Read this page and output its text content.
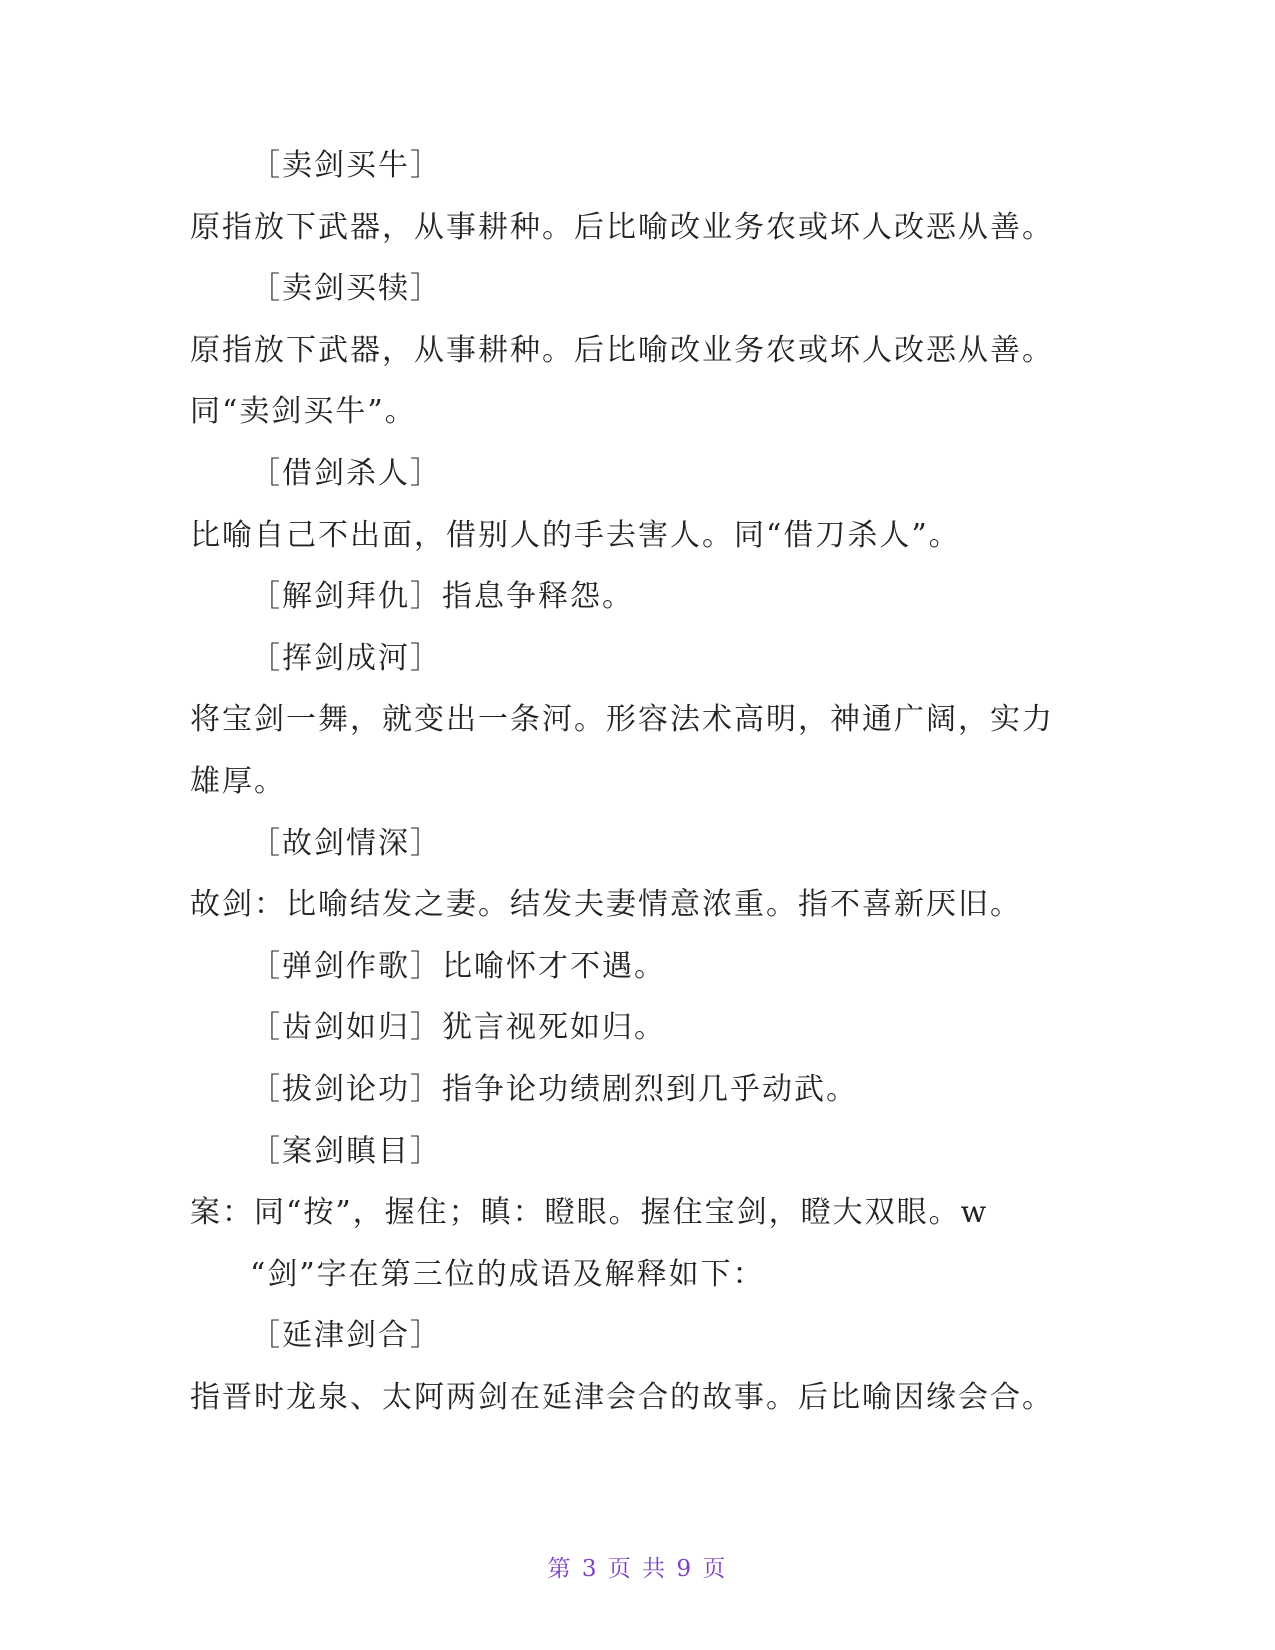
［卖剑买牛］
原指放下武器，从事耕种。后比喻改业务农或坏人改恶从善。
［卖剑买犊］
原指放下武器，从事耕种。后比喻改业务农或坏人改恶从善。
同“卖剑买牛”。
［借剑杀人］
比喻自己不出面，借别人的手去害人。同“借刀杀人”。
［解剑拜仇］指息争释怨。
［挥剑成河］
将宝剑一舞，就变出一条河。形容法术高明，神通广阔，实力
雄厚。
［故剑情深］
故剑：比喻结发之妻。结发夫妻情意浓重。指不喜新厌旧。
［弹剑作歌］比喻怀才不遇。
［齿剑如归］犹言视死如归。
［拔剑论功］指争论功绩剧烈到几乎动武。
［案剑瞋目］
案：同“按”，握住；瞋：瞪眼。握住宝剑，瞪大双眼。w
“剑”字在第三位的成语及解释如下：
［延津剑合］
指晋时龙泉、太阿两剑在延津会合的故事。后比喻因缘会合。
第 3 页 共 9 页
